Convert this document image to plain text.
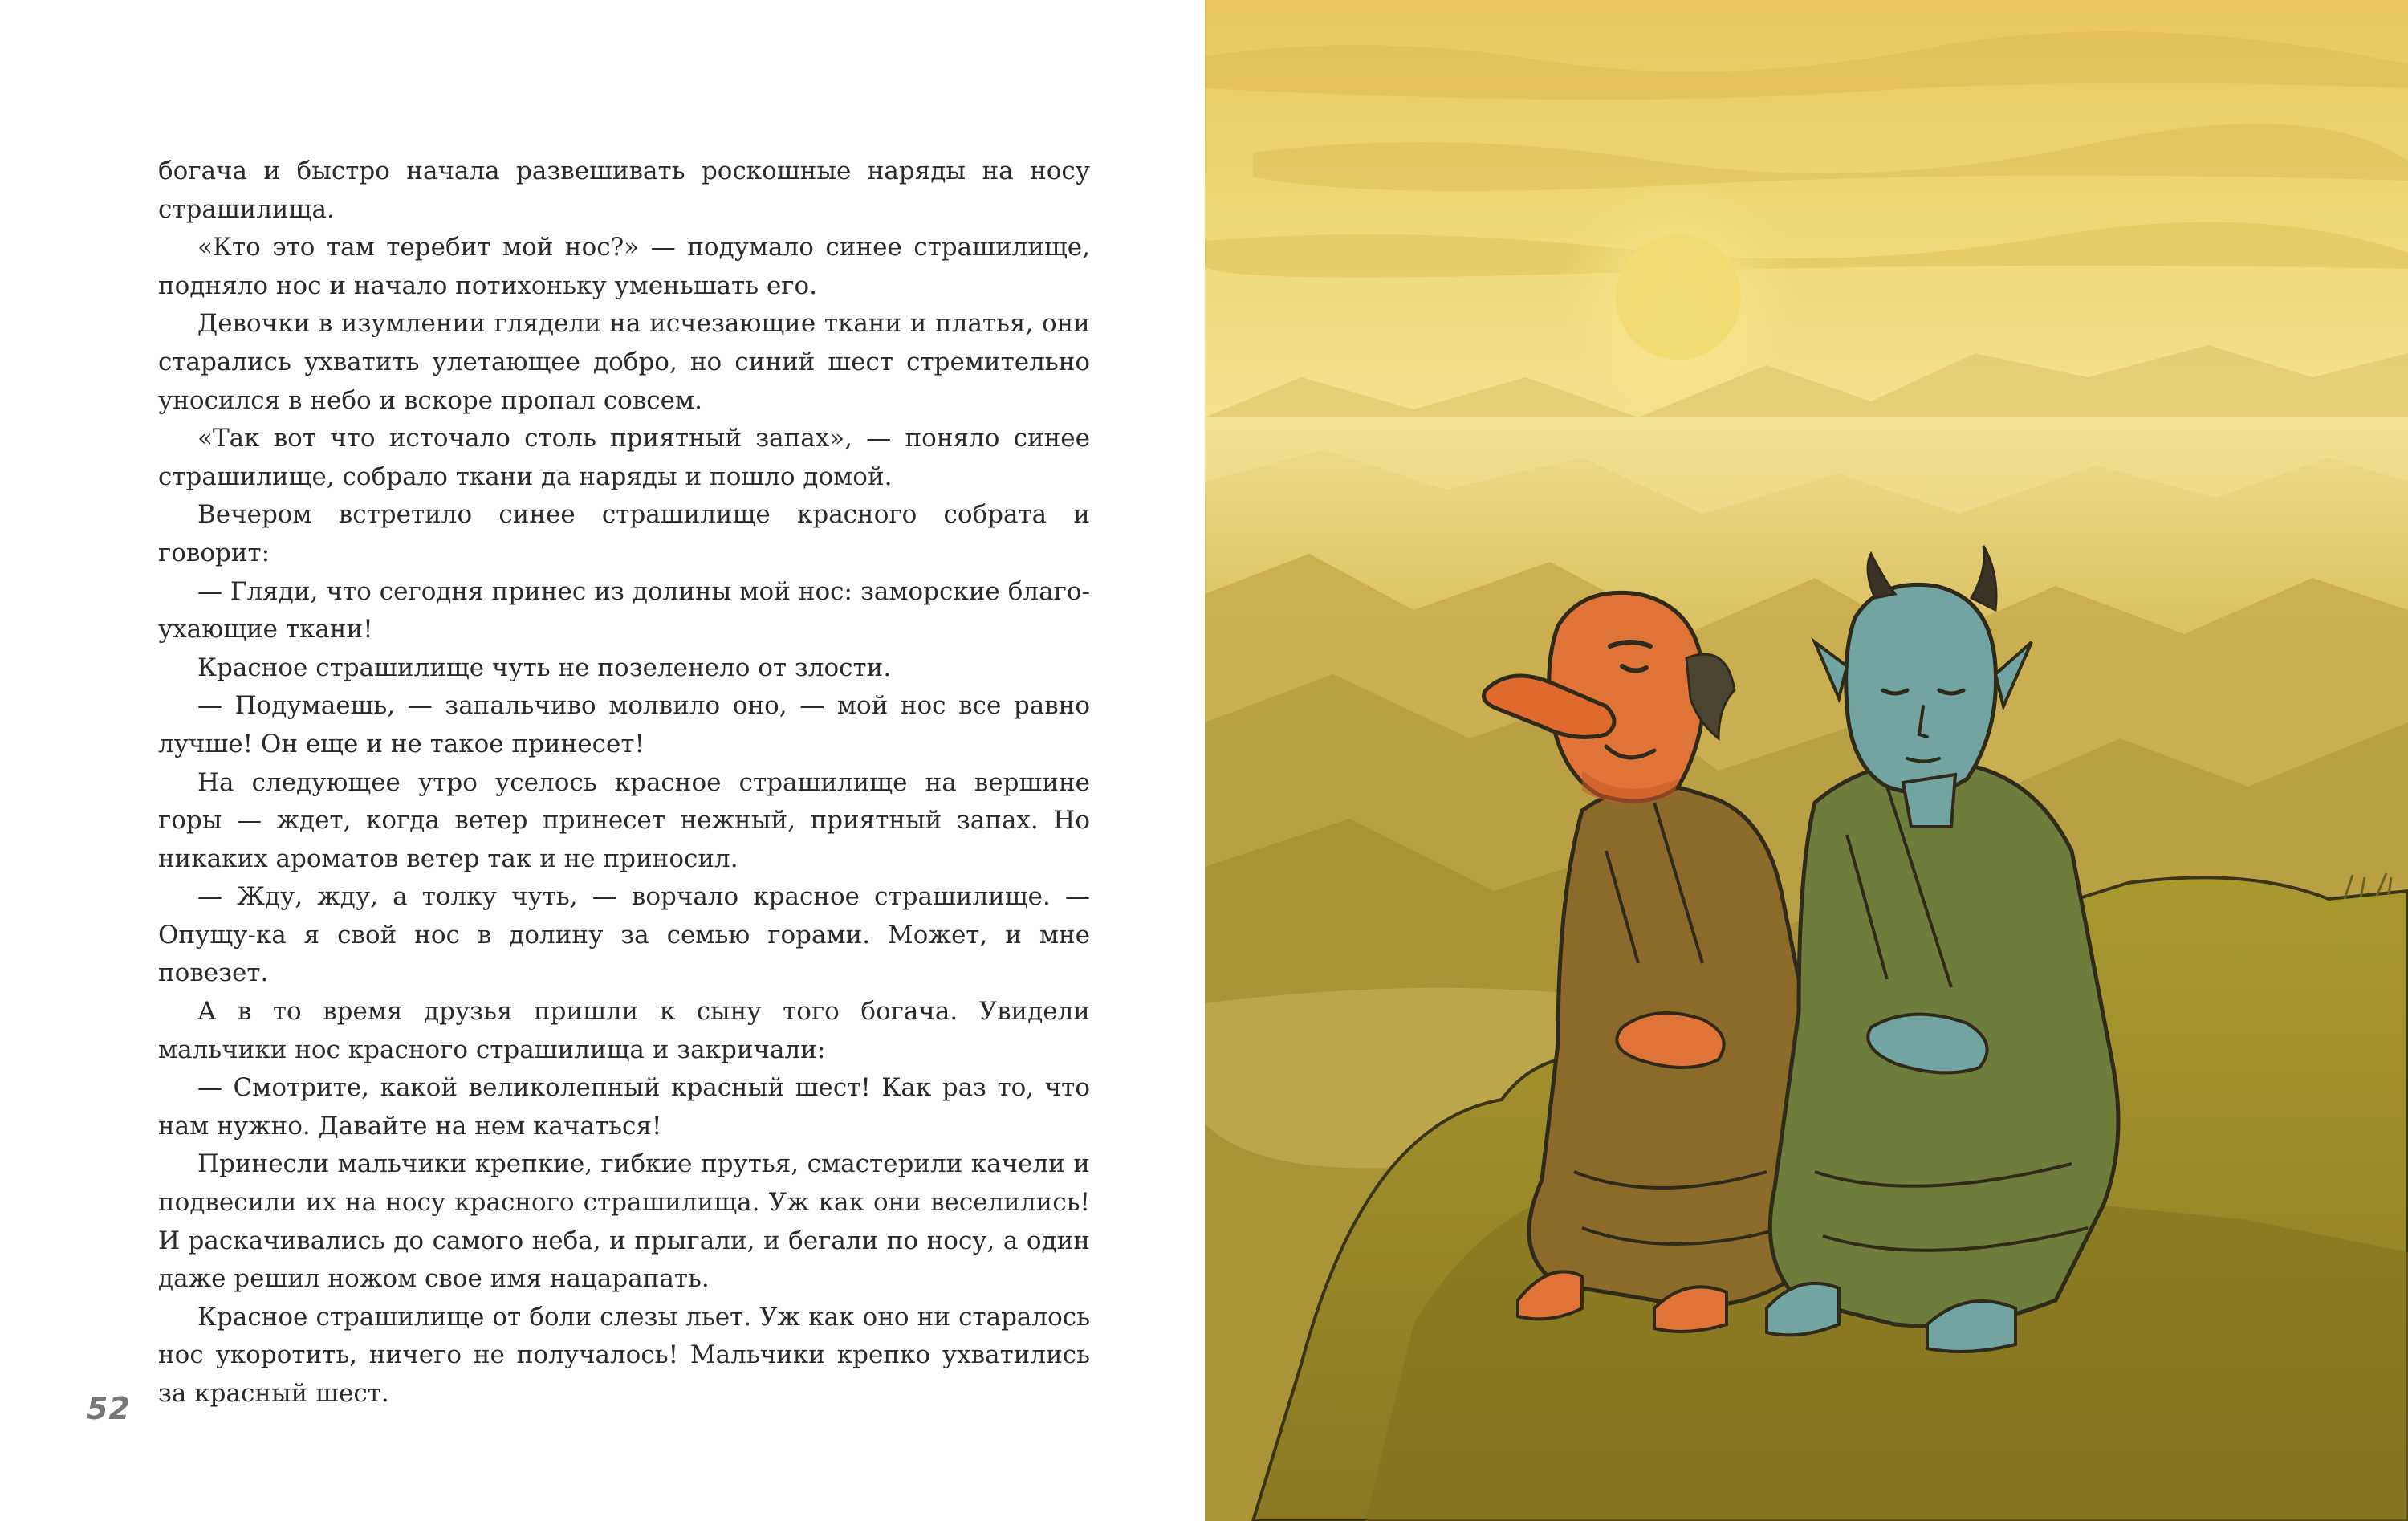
богача и быстро начала развешивать роскошные наряды на носу страшилища.

«Кто это там теребит мой нос?» — подумало синее страшилище, подняло нос и начало потихоньку уменьшать его.

Девочки в изумлении глядели на исчезающие ткани и платья, они старались ухватить улетающее добро, но синий шест стремительно уносился в небо и вскоре пропал совсем.

«Так вот что источало столь приятный запах», — поняло синее страшилище, собрало ткани да наряды и пошло домой.

Вечером встретило синее страшилище красного собрата и говорит:

— Гляди, что сегодня принес из долины мой нос: заморские благоухающие ткани!

Красное страшилище чуть не позеленело от злости.

— Подумаешь, — запальчиво молвило оно, — мой нос все равно лучше! Он еще и не такое принесет!

На следующее утро уселось красное страшилище на вершине горы — ждет, когда ветер принесет нежный, приятный запах. Но никаких ароматов ветер так и не приносил.

— Жду, жду, а толку чуть, — ворчало красное страшилище. — Опущу-ка я свой нос в долину за семью горами. Может, и мне повезет.

А в то время друзья пришли к сыну того богача. Увидели мальчики нос красного страшилища и закричали:

— Смотрите, какой великолепный красный шест! Как раз то, что нам нужно. Давайте на нем качаться!

Принесли мальчики крепкие, гибкие прутья, смастерили качели и подвесили их на носу красного страшилища. Уж как они веселились! И раскачивались до самого неба, и прыгали, и бегали по носу, а один даже решил ножом свое имя нацарапать.

Красное страшилище от боли слезы льет. Уж как оно ни старалось нос укоротить, ничего не получалось! Мальчики крепко ухватились за красный шест.

52
